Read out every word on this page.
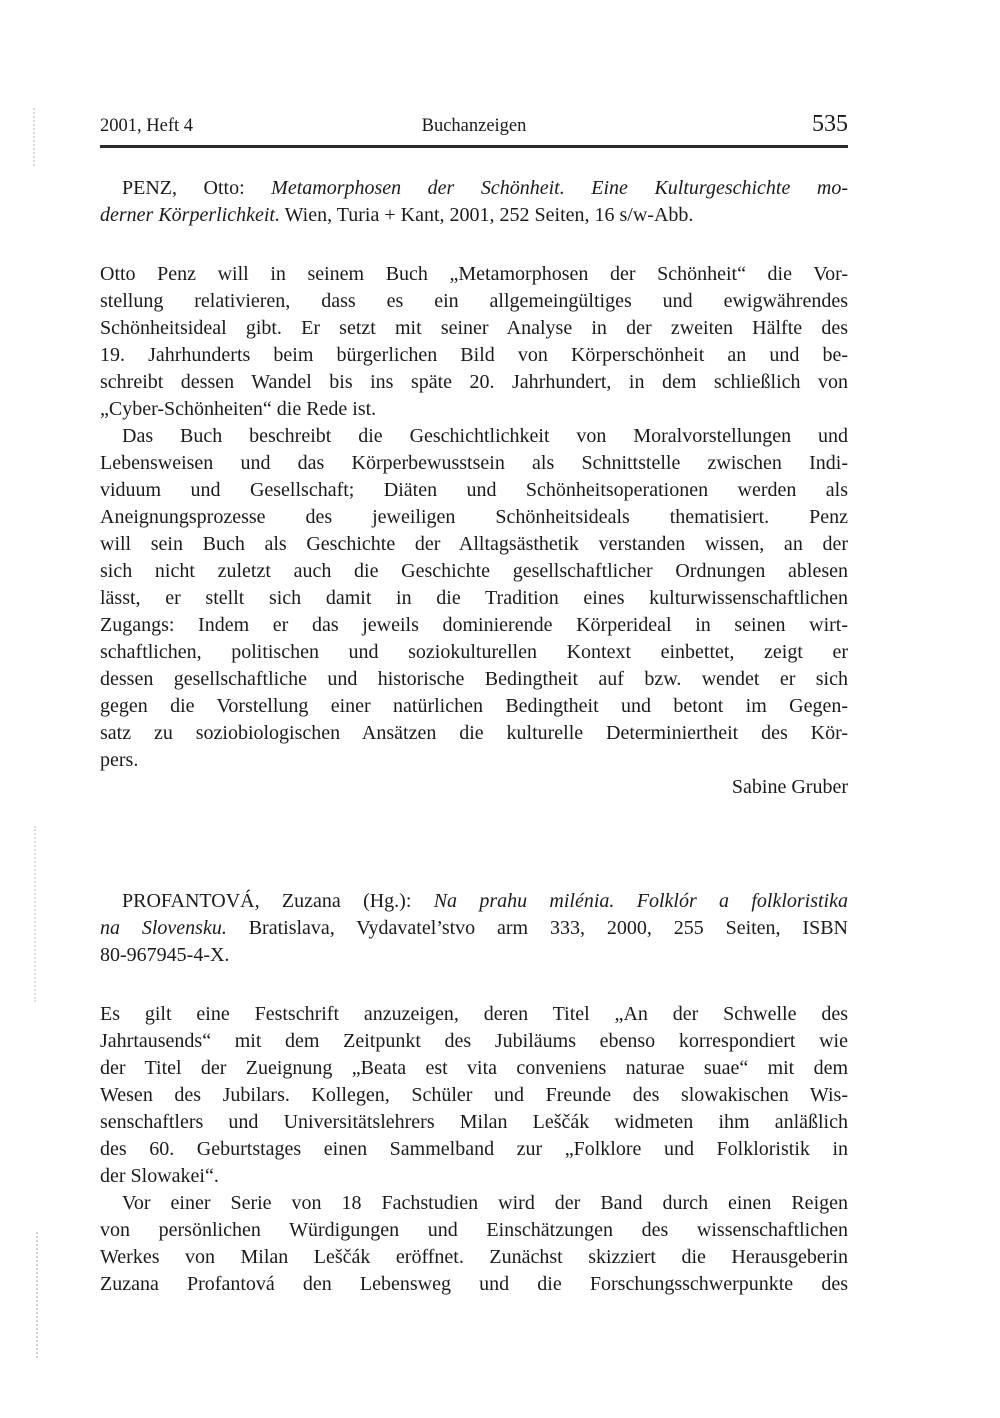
2001, Heft 4	Buchanzeigen	535
PENZ, Otto: Metamorphosen der Schönheit. Eine Kulturgeschichte mo-
derner Körperlichkeit. Wien, Turia + Kant, 2001, 252 Seiten, 16 s/w-Abb.
Otto Penz will in seinem Buch „Metamorphosen der Schönheit“ die Vor-
stellung relativieren, dass es ein allgemeingültiges und ewigwährendes
Schönheitsideal gibt. Er setzt mit seiner Analyse in der zweiten Hälfte des
19. Jahrhunderts beim bürgerlichen Bild von Körperschönheit an und be-
schreibt dessen Wandel bis ins späte 20. Jahrhundert, in dem schließlich von
„Cyber-Schönheiten“ die Rede ist.
Das Buch beschreibt die Geschichtlichkeit von Moralvorstellungen und
Lebensweisen und das Körperbewusstsein als Schnittstelle zwischen Indi-
viduum und Gesellschaft; Diäten und Schönheitsoperationen werden als
Aneignungsprozesse des jeweiligen Schönheitsideals thematisiert. Penz
will sein Buch als Geschichte der Alltagsästhetik verstanden wissen, an der
sich nicht zuletzt auch die Geschichte gesellschaftlicher Ordnungen ablesen
lässt, er stellt sich damit in die Tradition eines kulturwissenschaftlichen
Zugangs: Indem er das jeweils dominierende Körperideal in seinen wirt-
schaftlichen, politischen und soziokulturellen Kontext einbettet, zeigt er
dessen gesellschaftliche und historische Bedingtheit auf bzw. wendet er sich
gegen die Vorstellung einer natürlichen Bedingtheit und betont im Gegen-
satz zu soziobiologischen Ansätzen die kulturelle Determiniertheit des Kör-
pers.
Sabine Gruber
PROFANTOVÁ, Zuzana (Hg.): Na prahu milénia. Folklór a folkloristika
na Slovensku. Bratislava, Vydavatel’stvo arm 333, 2000, 255 Seiten, ISBN
80-967945-4-X.
Es gilt eine Festschrift anzuzeigen, deren Titel „An der Schwelle des
Jahrtausends“ mit dem Zeitpunkt des Jubiläums ebenso korrespondiert wie
der Titel der Zueignung „Beata est vita conveniens naturae suae“ mit dem
Wesen des Jubilars. Kollegen, Schüler und Freunde des slowakischen Wis-
senschaftlers und Universitätslehrers Milan Leščák widmeten ihm anläßlich
des 60. Geburtstages einen Sammelband zur „Folklore und Folkloristik in
der Slowakei“.
Vor einer Serie von 18 Fachstudien wird der Band durch einen Reigen
von persönlichen Würdigungen und Einschätzungen des wissenschaftlichen
Werkes von Milan Leščák eröffnet. Zunächst skizziert die Herausgeberin
Zuzana Profantová den Lebensweg und die Forschungsschwerpunkte des
